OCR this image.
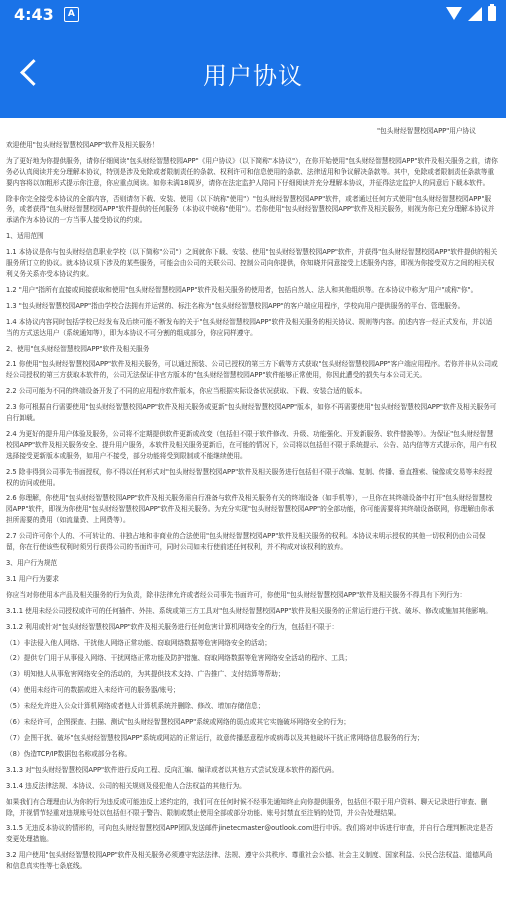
4:43	A
用户协议

"包头财经智慧校园APP"用户协议

欢迎使用"包头财经智慧校园APP"软件及相关服务！

为了更好地为你提供服务，请你仔细阅读"包头财经智慧校园APP"《用户协议》（以下简称"本协议"），在你开始使用"包头财经智慧校园APP"软件及相关服务之前，请你务必认真阅读并充分理解本协议，特别是涉及免除或者限制责任的条款、权利许可和信息使用的条款、法律适用和争议解决条款等。其中，免除或者限制责任条款等重要内容将以加粗形式提示你注意，你应重点阅读。如你未满18周岁，请你在法定监护人陪同下仔细阅读并充分理解本协议，并征得法定监护人的同意后下载本软件。

除非你完全接受本协议的全部内容，否则请勿下载、安装、使用（以下统称"使用"）"包头财经智慧校园APP"软件，或者通过任何方式使用"包头财经智慧校园APP"服务，或者获得"包头财经智慧校园APP"软件提供的任何服务（本协议中统称"使用"）。若你使用"包头财经智慧校园APP"软件及相关服务，则视为你已充分理解本协议并承诺作为本协议的一方当事人接受协议的约束。

1、适用范围

1.1 本协议是你与包头财经信息职业学校（以下简称"公司"）之间就你下载、安装、使用"包头财经智慧校园APP"软件，并获得"包头财经智慧校园APP"软件提供的相关服务所订立的协议。就本协议项下涉及的某些服务，可能会由公司的关联公司、控制公司向你提供，你知晓并同意接受上述服务内容，即视为你接受双方之间的相关权利义务关系亦受本协议约束。

1.2 "用户"指所有直接或间接获取和使用"包头财经智慧校园APP"软件及相关服务的使用者，包括自然人、法人和其他组织等。在本协议中称为"用户"或称"你"。

1.3 "包头财经智慧校园APP"指由学校合法拥有并运营的、标注名称为"包头财经智慧校园APP"的客户端应用程序，学校向用户提供服务的平台、管理服务。

1.4 本协议内容同时包括学校已经发布及后续可能不断发布的关于"包头财经智慧校园APP"软件及相关服务的相关协议、规则等内容。前述内容一经正式发布，并以适当的方式送达用户（系统通知等），即为本协议不可分割的组成部分，你应同样遵守。

2、使用"包头财经智慧校园APP"软件及相关服务

2.1 你使用"包头财经智慧校园APP"软件及相关服务，可以通过预装、公司已授权的第三方下载等方式获取"包头财经智慧校园APP"客户端应用程序。若你并非从公司或经公司授权的第三方获取本软件的，公司无法保证非官方版本的"包头财经智慧校园APP"软件能够正常使用，你因此遭受的损失与本公司无关。

2.2 公司可能为不同的终端设备开发了不同的应用程序软件版本，你应当根据实际设备状况获取、下载、安装合适的版本。

2.3 你可根据自行需要使用"包头财经智慧校园APP"软件及相关服务或更新"包头财经智慧校园APP"版本，如你不再需要使用"包头财经智慧校园APP"软件及相关服务可自行卸载。

2.4 为更好的提升用户体验及服务，公司将不定期提供软件更新或改变（包括但不限于软件修改、升级、功能强化、开发新服务、软件替换等）。为保证"包头财经智慧校园APP"软件及相关服务安全、提升用户服务，本软件及相关服务更新后，在可能的情况下，公司将以包括但不限于系统提示、公告、站内信等方式提示你，用户有权选择接受更新版本或服务，如用户不接受，部分功能将受到限制或不能继续使用。

2.5 除非得到公司事先书面授权，你不得以任何形式对"包头财经智慧校园APP"软件及相关服务进行包括但不限于改编、复制、传播、垂直搜索、镜像或交易等未经授权的访问或使用。

2.6 你理解，你使用"包头财经智慧校园APP"软件及相关服务需自行准备与软件及相关服务有关的终端设备（如手机等），一旦你在其终端设备中打开"包头财经智慧校园APP"软件，即视为你使用"包头财经智慧校园APP"软件及相关服务。为充分实现"包头财经智慧校园APP"的全部功能，你可能需要将其终端设备联网，你理解由你承担所需要的费用（如流量费、上网费等）。

2.7 公司许可你个人的、不可转让的、非独占地和非商业的合法使用"包头财经智慧校园APP"软件及相关服务的权利。本协议未明示授权的其他一切权利仍由公司保留，你在行使该些权利时须另行获得公司的书面许可，同时公司如未行使前述任何权利，并不构成对该权利的放弃。

3、用户行为规范

3.1 用户行为要求

你应当对你使用本产品及相关服务的行为负责，除非法律允许或者经公司事先书面许可，你使用"包头财经智慧校园APP"软件及相关服务不得具有下列行为：

3.1.1 使用未经公司授权或许可的任何插件、外挂、系统或第三方工具对"包头财经智慧校园APP"软件及相关服务的正常运行进行干扰、破坏、修改或施加其他影响。

3.1.2 利用或针对"包头财经智慧校园APP"软件及相关服务进行任何危害计算机网络安全的行为，包括但不限于：

（1）非法侵入他人网络、干扰他人网络正常功能、窃取网络数据等危害网络安全的活动；

（2）提供专门用于从事侵入网络、干扰网络正常功能及防护措施、窃取网络数据等危害网络安全活动的程序、工具；

（3）明知他人从事危害网络安全的活动的，为其提供技术支持、广告推广、支付结算等帮助；

（4）使用未经许可的数据或进入未经许可的服务器/账号；

（5）未经允许进入公众计算机网络或者他人计算机系统并删除、修改、增加存储信息；

（6）未经许可，企图探查、扫描、测试"包头财经智慧校园APP"系统或网络的弱点或其它实施破坏网络安全的行为；

（7）企图干扰、破坏"包头财经智慧校园APP"系统或网站的正常运行，故意传播恶意程序或病毒以及其他破坏干扰正常网络信息服务的行为；

（8）伪造TCP/IP数据包名称或部分名称。

3.1.3 对"包头财经智慧校园APP"软件进行反向工程、反向汇编、编译或者以其他方式尝试发现本软件的源代码。

3.1.4 违反法律法规、本协议、公司的相关规则及侵犯他人合法权益的其他行为。

如果我们有合理理由认为你的行为违反或可能违反上述约定的，我们可在任何时候不经事先通知终止向你提供服务，包括但不限于用户资料、聊天记录进行审查、删除，并视情节轻重对违规账号处以包括但不限于警告、限制或禁止使用全部或部分功能、账号封禁直至注销的处罚，并公告处理结果。

3.1.5 无违反本协议的情形的，可向包头财经智慧校园APP团队发送邮件jinetecmaster@outlook.com进行申诉。我们将对申诉进行审查，并自行合理判断决定是否变更处理措施。

3.2 用户使用"包头财经智慧校园APP"软件及相关服务必须遵守宪法法律、法规、遵守公共秩序、尊重社会公德、社会主义制度、国家利益、公民合法权益、道德风尚和信息真实性等七条底线。
